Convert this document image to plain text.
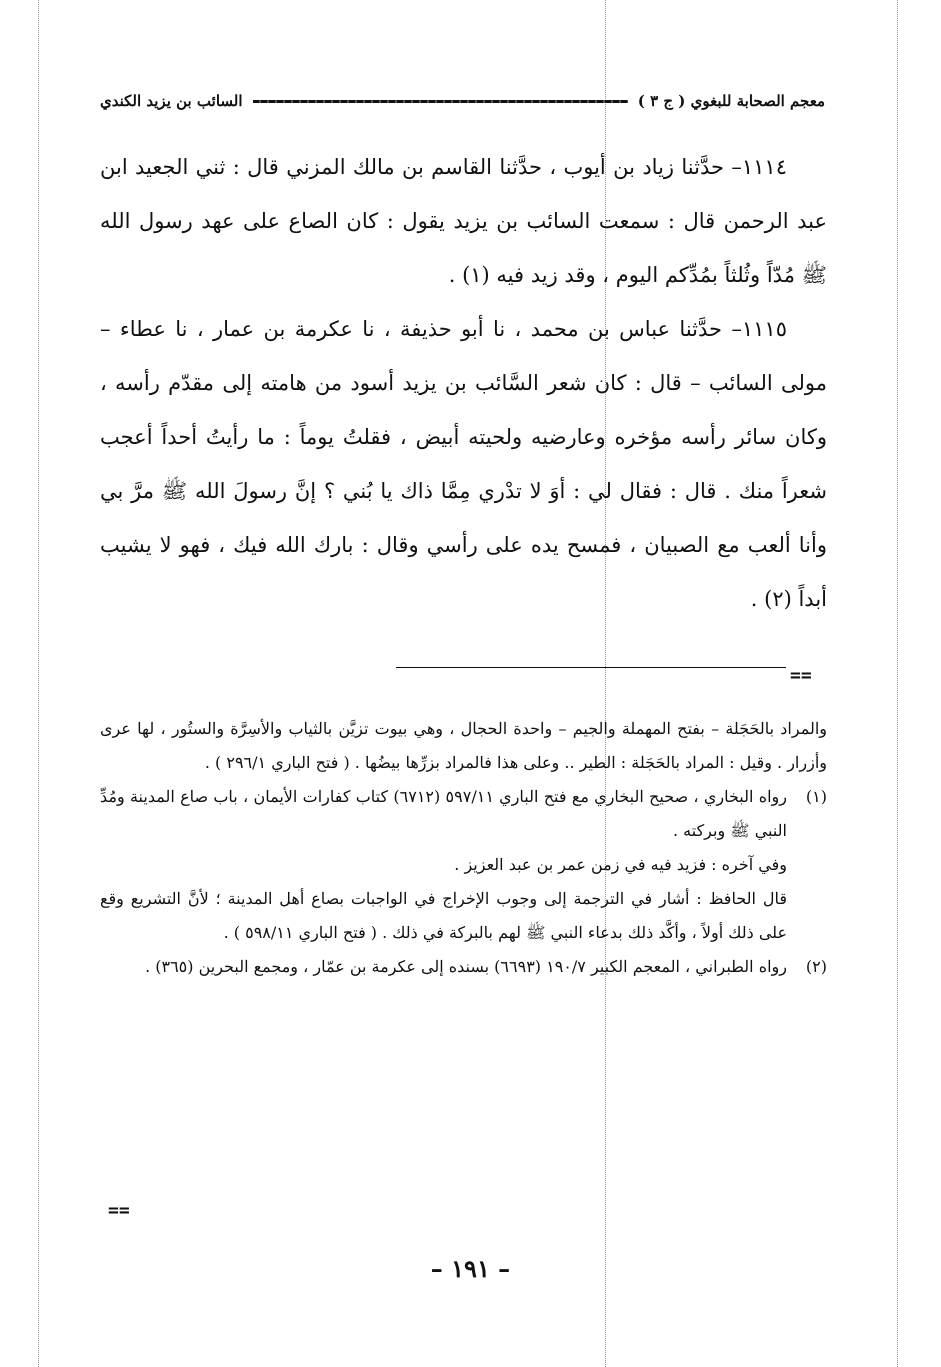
معجم الصحابة للبغوي ( ج ٣ )
السائب بن يزيد الكندي

١١١٤– حدَّثنا زياد بن أيوب ، حدَّثنا القاسم بن مالك المزني قال : ثني الجعيد ابن عبد الرحمن قال : سمعت السائب بن يزيد يقول : كان الصاع على عهد رسول الله ﷺ مُدّاً وثُلثاً بمُدِّكم اليوم ، وقد زيد فيه (١) .

١١١٥– حدَّثنا عباس بن محمد ، نا أبو حذيفة ، نا عكرمة بن عمار ، نا عطاء – مولى السائب – قال : كان شعر السَّائب بن يزيد أسود من هامته إلى مقدّم رأسه ، وكان سائر رأسه مؤخره وعارضيه ولحيته أبيض ، فقلتُ يوماً : ما رأيتُ أحداً أعجب شعراً منك . قال : فقال لي : أوَ لا تدْري مِمَّا ذاك يا بُني ؟ إنَّ رسولَ الله ﷺ مرَّ بي وأنا ألعب مع الصبيان ، فمسح يده على رأسي وقال : بارك الله فيك ، فهو لا يشيب أبداً (٢) .

==

والمراد بالحَجَلة – بفتح المهملة والجيم – واحدة الحجال ، وهي بيوت تزيَّن بالثياب والأسِرَّة والستُور ، لها عرى وأزرار . وقيل : المراد بالحَجَلة : الطير .. وعلى هذا فالمراد بزرِّها بيضُها . ( فتح الباري ٢٩٦/١ ) .

(١)

رواه البخاري ، صحيح البخاري مع فتح الباري ٥٩٧/١١ (٦٧١٢) كتاب كفارات الأيمان ، باب صاع المدينة ومُدِّ النبي ﷺ وبركته .

وفي آخره : فزيد فيه في زمن عمر بن عبد العزيز .

قال الحافظ : أشار في الترجمة إلى وجوب الإخراج في الواجبات بصاع أهل المدينة ؛ لأنَّ التشريع وقع على ذلك أولاً ، وأكَّد ذلك بدعاء النبي ﷺ لهم بالبركة في ذلك . ( فتح الباري ٥٩٨/١١ ) .

(٢)

رواه الطبراني ، المعجم الكبير ١٩٠/٧ (٦٦٩٣) بسنده إلى عكرمة بن عمّار ، ومجمع البحرين (٣٦٥) .

==
– ١٩١ –
